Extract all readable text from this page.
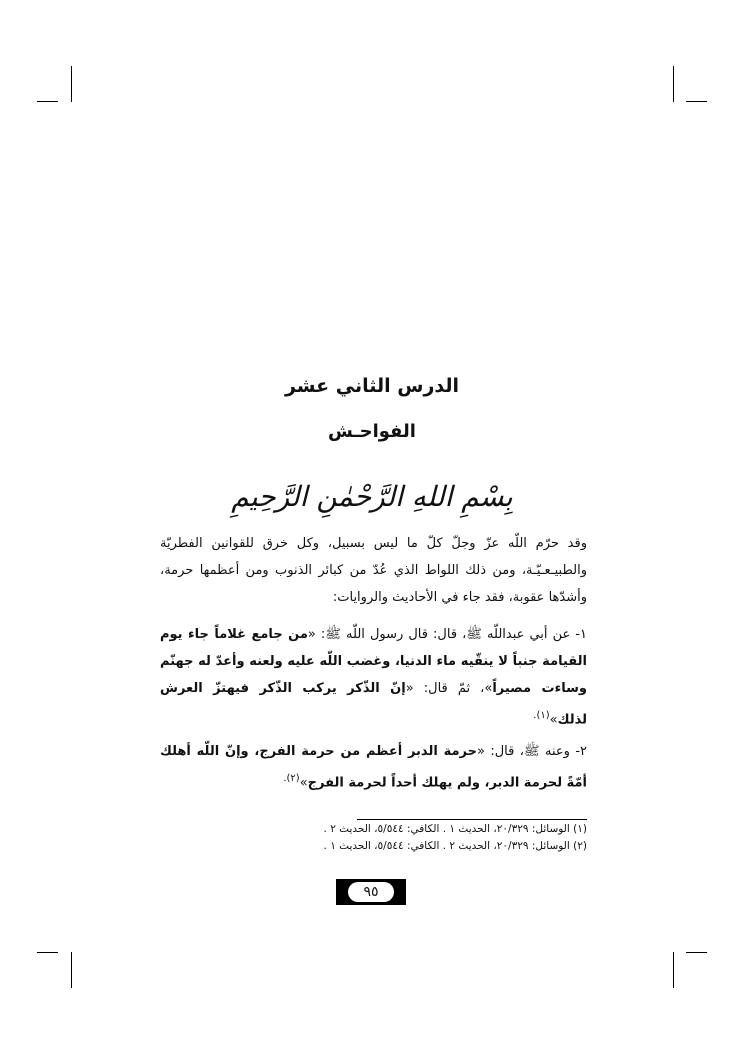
الدرس الثاني عشر
الفواحـش
بِسْمِ اللهِ الرَّحْمٰنِ الرَّحِيمِ
وقد حرّم اللّه عزّ وجلّ كلّ ما ليس بسبيل، وكل خرق للقوانين الفطريّة والطبيـعـيّـة، ومن ذلك اللواط الذي عُدّ من كبائر الذنوب ومن أعظمها حرمة، وأشدّها عقوبة، فقد جاء في الأحاديث والروايات:
١- عن أبي عبداللّه ﷺ، قال: قال رسول اللّه ﷺ: «من جامع غلاماً جاء يوم القيامة جنباً لا ينقّيه ماء الدنيا، وغضب اللّه عليه ولعنه وأعدّ له جهنّم وساءت مصيراً»، ثمّ قال: «إنّ الذّكر يركب الذّكر فيهتزّ العرش لذلك»$^{(١).}$
٢- وعنه ﷺ، قال: «حرمة الدبر أعظم من حرمة الفرج، وإنّ اللّه أهلك أمّةً لحرمة الدبر، ولم يهلك أحداً لحرمة الفرج»$^{(٢).}$
(١) الوسائل: ٢٠/٣٢٩، الحديث ١ . الكافي: ٥/٥٤٤، الحديث ٢ .
(٢) الوسائل: ٢٠/٣٢٩، الحديث ٢ . الكافي: ٥/٥٤٤، الحديث ١ .
٩٥
